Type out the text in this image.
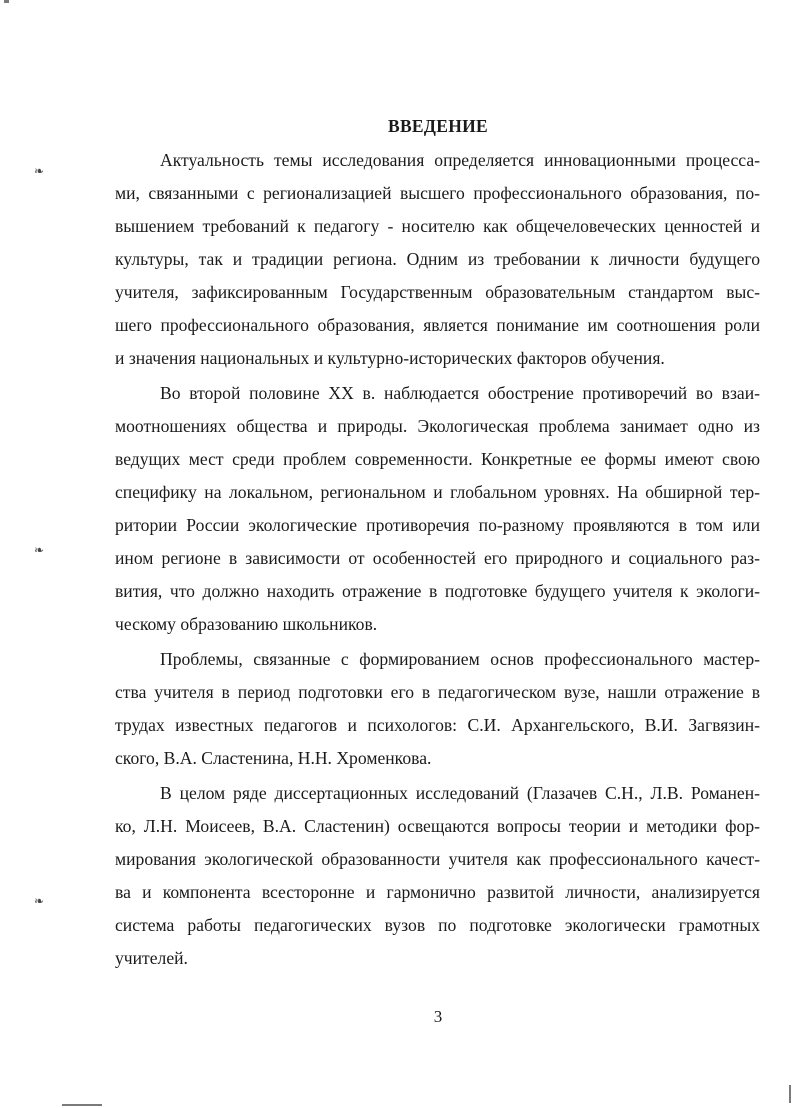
❧
❧
❧
ВВЕДЕНИЕ
Актуальность темы исследования определяется инновационными процесса-
ми, связанными с регионализацией высшего профессионального образования, по-
вышением требований к педагогу - носителю как общечеловеческих ценностей и
культуры, так и традиции региона. Одним из требовании к личности будущего
учителя, зафиксированным Государственным образовательным стандартом выс-
шего профессионального образования, является понимание им соотношения роли
и значения национальных и культурно-исторических факторов обучения.
Во второй половине XX в. наблюдается обострение противоречий во взаи-
моотношениях общества и природы. Экологическая проблема занимает одно из
ведущих мест среди проблем современности. Конкретные ее формы имеют свою
специфику на локальном, региональном и глобальном уровнях. На обширной тер-
ритории России экологические противоречия по-разному проявляются в том или
ином регионе в зависимости от особенностей его природного и социального раз-
вития, что должно находить отражение в подготовке будущего учителя к экологи-
ческому образованию школьников.
Проблемы, связанные с формированием основ профессионального мастер-
ства учителя в период подготовки его в педагогическом вузе, нашли отражение в
трудах известных педагогов и психологов: С.И. Архангельского, В.И. Загвязин-
ского, В.А. Сластенина, Н.Н. Хроменкова.
В целом ряде диссертационных исследований (Глазачев С.Н., Л.В. Романен-
ко, Л.Н. Моисеев, В.А. Сластенин) освещаются вопросы теории и методики фор-
мирования экологической образованности учителя как профессионального качест-
ва и компонента всесторонне и гармонично развитой личности, анализируется
система работы педагогических вузов по подготовке экологически грамотных
учителей.
3
